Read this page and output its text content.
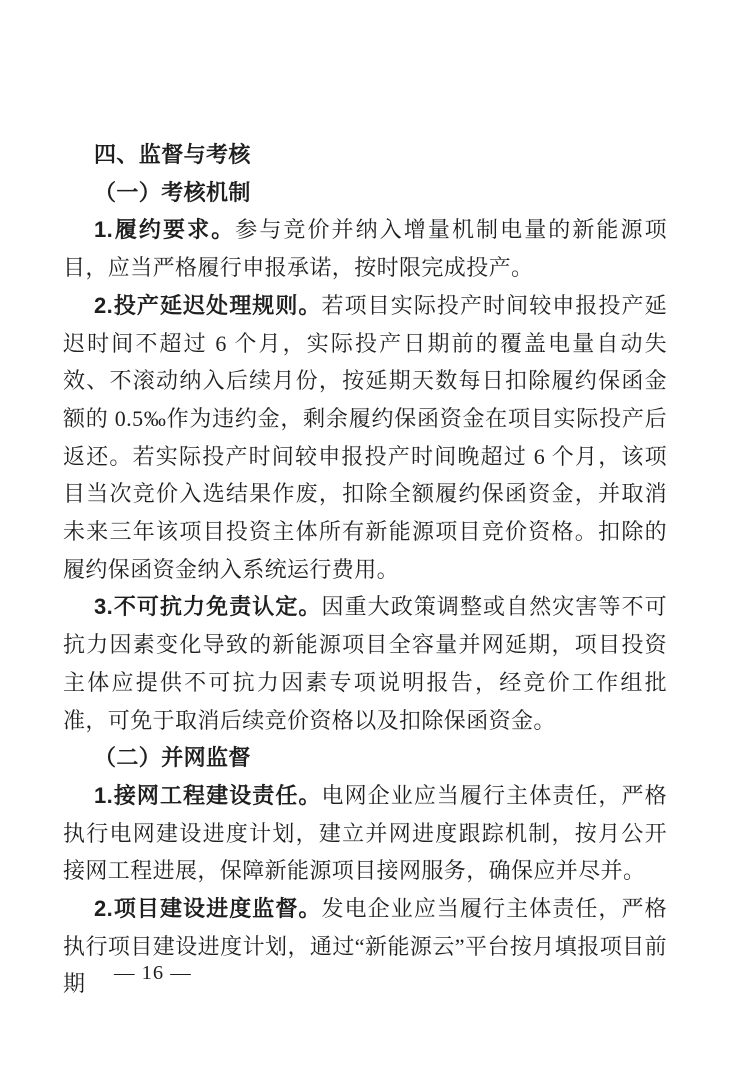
四、监督与考核
（一）考核机制

1.履约要求。参与竞价并纳入增量机制电量的新能源项目，应当严格履行申报承诺，按时限完成投产。

2.投产延迟处理规则。若项目实际投产时间较申报投产延迟时间不超过 6 个月，实际投产日期前的覆盖电量自动失效、不滚动纳入后续月份，按延期天数每日扣除履约保函金额的 0.5‰作为违约金，剩余履约保函资金在项目实际投产后返还。若实际投产时间较申报投产时间晚超过 6 个月，该项目当次竞价入选结果作废，扣除全额履约保函资金，并取消未来三年该项目投资主体所有新能源项目竞价资格。扣除的履约保函资金纳入系统运行费用。

3.不可抗力免责认定。因重大政策调整或自然灾害等不可抗力因素变化导致的新能源项目全容量并网延期，项目投资主体应提供不可抗力因素专项说明报告，经竞价工作组批准，可免于取消后续竞价资格以及扣除保函资金。

（二）并网监督

1.接网工程建设责任。电网企业应当履行主体责任，严格执行电网建设进度计划，建立并网进度跟踪机制，按月公开接网工程进展，保障新能源项目接网服务，确保应并尽并。

2.项目建设进度监督。发电企业应当履行主体责任，严格执行项目建设进度计划，通过“新能源云”平台按月填报项目前期	— 16 —
